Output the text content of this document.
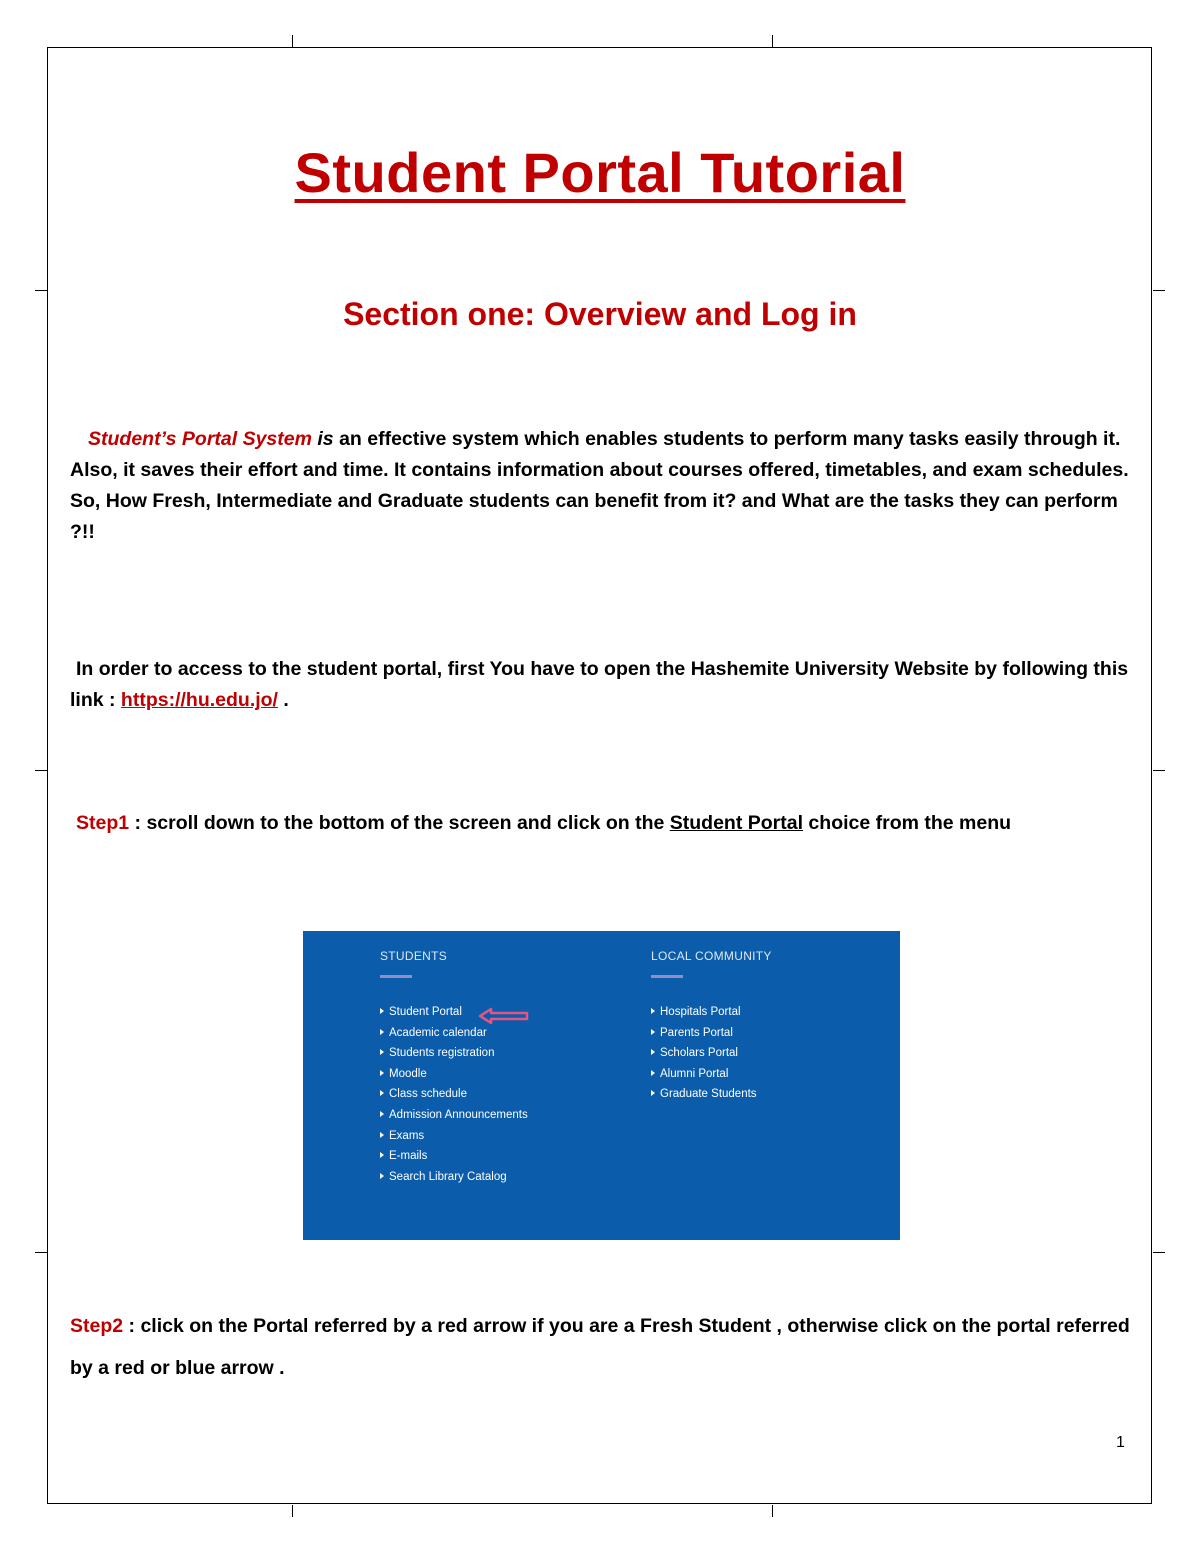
Student Portal Tutorial
Section one: Overview and Log in
Student’s Portal System is an effective system which enables students to perform many tasks easily through it. Also, it saves their effort and time. It contains information about courses offered, timetables, and exam schedules. So, How Fresh, Intermediate and Graduate students can benefit from it? and What are the tasks they can perform ?!!
In order to access to the student portal, first You have to open the Hashemite University Website by following this link : https://hu.edu.jo/ .
Step1 : scroll down to the bottom of the screen and click on the Student Portal choice from the menu
STUDENTS
Student Portal
Academic calendar
Students registration
Moodle
Class schedule
Admission Announcements
Exams
E-mails
Search Library Catalog
LOCAL COMMUNITY
Hospitals Portal
Parents Portal
Scholars Portal
Alumni Portal
Graduate Students
Step2 : click on the Portal referred by a red arrow if you are a Fresh Student , otherwise click on the portal referred by a red or blue arrow .
1
